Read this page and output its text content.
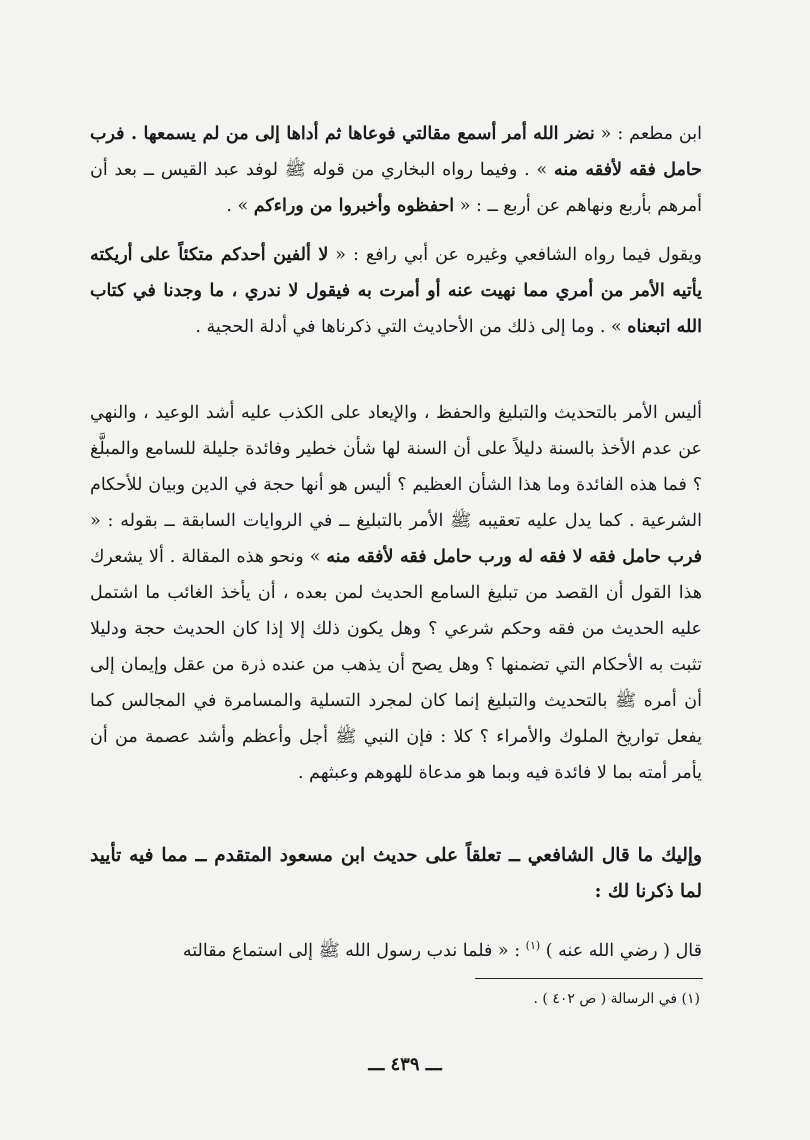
ابن مطعم : « نضر الله أمر أسمع مقالتي فوعاها ثم أداها إلى من لم يسمعها . فرب حامل فقه لأفقه منه » . وفيما رواه البخاري من قوله ﷺ لوفد عبد القيس ــ بعد أن أمرهم بأربع ونهاهم عن أربع ــ : « احفظوه وأخبروا من وراءكم » .

ويقول فيما رواه الشافعي وغيره عن أبي رافع : « لا ألفين أحدكم متكئاً على أريكته يأتيه الأمر من أمري مما نهيت عنه أو أمرت به فيقول لا ندري ، ما وجدنا في كتاب الله اتبعناه » . وما إلى ذلك من الأحاديث التي ذكرناها في أدلة الحجية .

أليس الأمر بالتحديث والتبليغ والحفظ ، والإيعاد على الكذب عليه أشد الوعيد ، والنهي عن عدم الأخذ بالسنة دليلاً على أن السنة لها شأن خطير وفائدة جليلة للسامع والمبلَّغ ؟ فما هذه الفائدة وما هذا الشأن العظيم ؟ أليس هو أنها حجة في الدين وبيان للأحكام الشرعية . كما يدل عليه تعقيبه ﷺ الأمر بالتبليغ ــ في الروايات السابقة ــ بقوله : « فرب حامل فقه لا فقه له ورب حامل فقه لأفقه منه » ونحو هذه المقالة . ألا يشعرك هذا القول أن القصد من تبليغ السامع الحديث لمن بعده ، أن يأخذ الغائب ما اشتمل عليه الحديث من فقه وحكم شرعي ؟ وهل يكون ذلك إلا إذا كان الحديث حجة ودليلا تثبت به الأحكام التي تضمنها ؟ وهل يصح أن يذهب من عنده ذرة من عقل وإيمان إلى أن أمره ﷺ بالتحديث والتبليغ إنما كان لمجرد التسلية والمسامرة في المجالس كما يفعل تواريخ الملوك والأمراء ؟ كلا : فإن النبي ﷺ أجل وأعظم وأشد عصمة من أن يأمر أمته بما لا فائدة فيه وبما هو مدعاة للهوهم وعبثهم .

وإليك ما قال الشافعي ــ تعلقاً على حديث ابن مسعود المتقدم ــ مما فيه تأييد لما ذكرنا لك :

قال ( رضي الله عنه ) $^{(١)}$ : « فلما ندب رسول الله ﷺ إلى استماع مقالته

(١) في الرسالة ( ص ٤٠٢ ) .

ـــ ٤٣٩ ـــ
